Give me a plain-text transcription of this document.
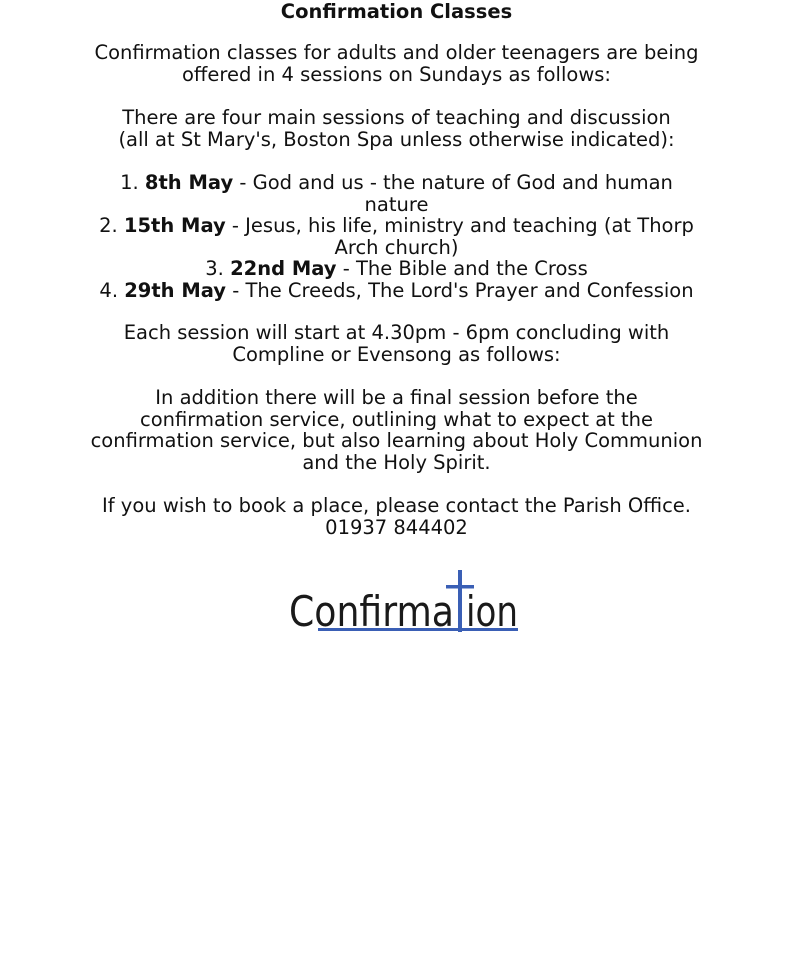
Confirmation Classes
Confirmation classes for adults and older teenagers are being
offered in 4 sessions on Sundays as follows:
There are four main sessions of teaching and discussion
(all at St Mary's, Boston Spa unless otherwise indicated):
1. 8th May - God and us - the nature of God and human
nature
2. 15th May - Jesus, his life, ministry and teaching (at Thorp
Arch church)
3. 22nd May - The Bible and the Cross
4. 29th May - The Creeds, The Lord's Prayer and Confession
Each session will start at 4.30pm - 6pm concluding with
Compline or Evensong as follows:
In addition there will be a final session before the
confirmation service, outlining what to expect at the
confirmation service, but also learning about Holy Communion
and the Holy Spirit.
If you wish to book a place, please contact the Parish Office.
01937 844402
Confirma ion
